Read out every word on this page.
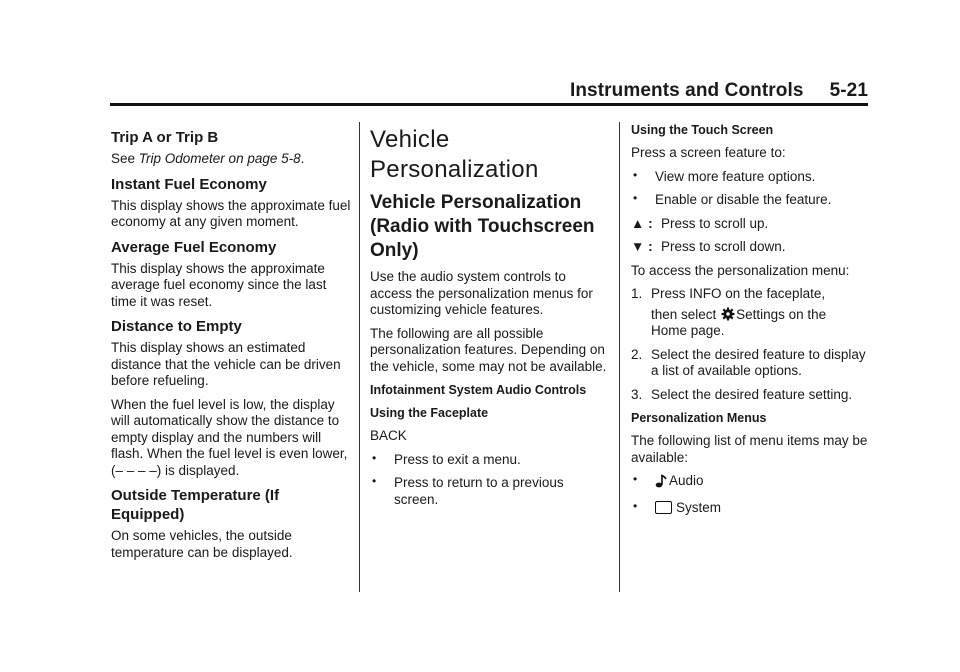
Instruments and Controls 5-21
Trip A or Trip B

See Trip Odometer on page 5-8.

Instant Fuel Economy

This display shows the approximate fuel economy at any given moment.

Average Fuel Economy

This display shows the approximate average fuel economy since the last time it was reset.

Distance to Empty

This display shows an estimated distance that the vehicle can be driven before refueling.

When the fuel level is low, the display will automatically show the distance to empty display and the numbers will flash. When the fuel level is even lower, (– – – –) is displayed.

Outside Temperature (If Equipped)

On some vehicles, the outside temperature can be displayed.

Vehicle Personalization
Vehicle Personalization (Radio with Touchscreen Only)

Use the audio system controls to access the personalization menus for customizing vehicle features.

The following are all possible personalization features. Depending on the vehicle, some may not be available.

Infotainment System Audio Controls
Using the Faceplate

BACK

• Press to exit a menu.
• Press to return to a previous screen.
Using the Touch Screen

Press a screen feature to:

• View more feature options.
• Enable or disable the feature.
▲ : Press to scroll up.
▼ : Press to scroll down.

To access the personalization menu:

1. Press INFO on the faceplate,
then select Settings on the
Home page.
2. Select the desired feature to display a list of available options.
3. Select the desired feature setting.
Personalization Menus

The following list of menu items may be available:

• Audio
• System
